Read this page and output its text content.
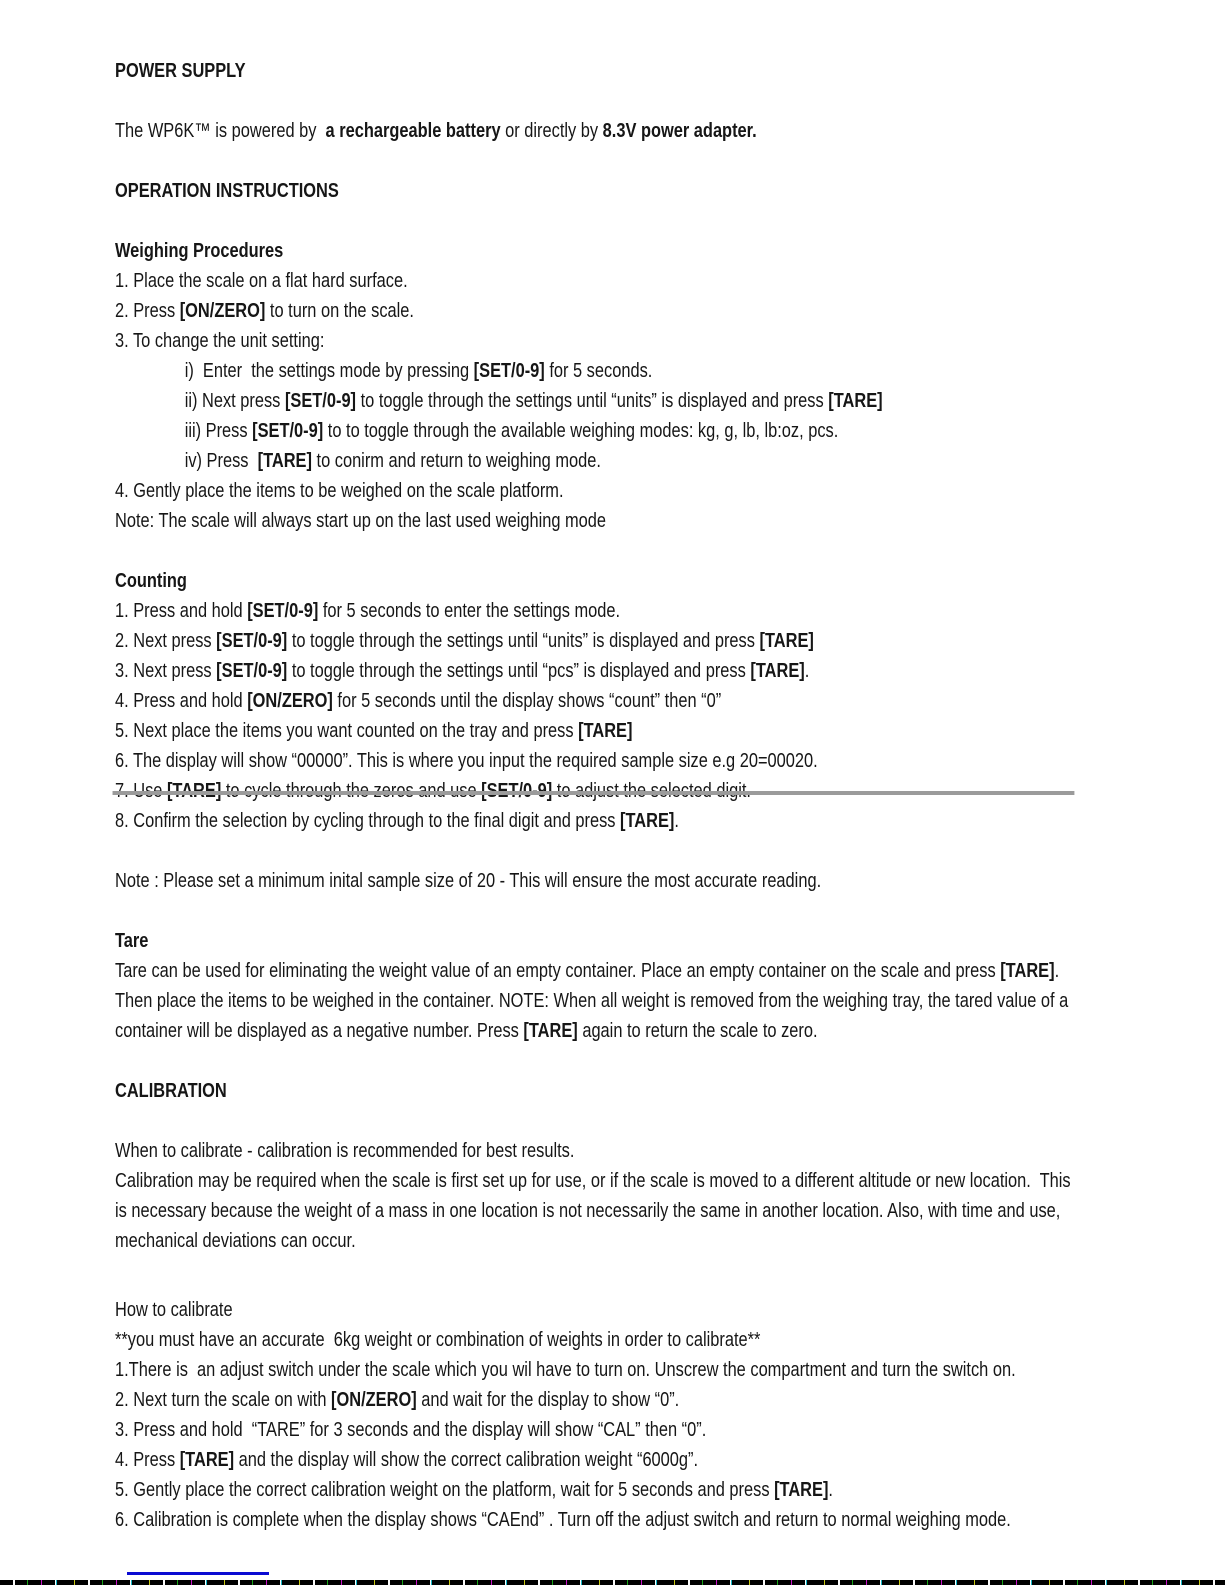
POWER SUPPLY
The WP6K™ is powered by  a rechargeable battery or directly by 8.3V power adapter.
OPERATION INSTRUCTIONS
Weighing Procedures
1. Place the scale on a flat hard surface.
2. Press [ON/ZERO] to turn on the scale.
3. To change the unit setting:
i)  Enter  the settings mode by pressing [SET/0-9] for 5 seconds.
ii) Next press [SET/0-9] to toggle through the settings until “units” is displayed and press [TARE]
iii) Press [SET/0-9] to to toggle through the available weighing modes: kg, g, lb, lb:oz, pcs.
iv) Press  [TARE] to conirm and return to weighing mode.
4. Gently place the items to be weighed on the scale platform.
Note: The scale will always start up on the last used weighing mode
Counting
1. Press and hold [SET/0-9] for 5 seconds to enter the settings mode.
2. Next press [SET/0-9] to toggle through the settings until “units” is displayed and press [TARE]
3. Next press [SET/0-9] to toggle through the settings until “pcs” is displayed and press [TARE].
4. Press and hold [ON/ZERO] for 5 seconds until the display shows “count” then “0”
5. Next place the items you want counted on the tray and press [TARE]
6. The display will show “00000”. This is where you input the required sample size e.g 20=00020.
8. Confirm the selection by cycling through to the final digit and press [TARE].
Note : Please set a minimum inital sample size of 20 - This will ensure the most accurate reading.
Tare
Tare can be used for eliminating the weight value of an empty container. Place an empty container on the scale and press [TARE].
Then place the items to be weighed in the container. NOTE: When all weight is removed from the weighing tray, the tared value of a
container will be displayed as a negative number. Press [TARE] again to return the scale to zero.
CALIBRATION
When to calibrate - calibration is recommended for best results.
Calibration may be required when the scale is first set up for use, or if the scale is moved to a different altitude or new location.  This
is necessary because the weight of a mass in one location is not necessarily the same in another location. Also, with time and use,
mechanical deviations can occur.
How to calibrate
**you must have an accurate  6kg weight or combination of weights in order to calibrate**
1.There is  an adjust switch under the scale which you wil have to turn on. Unscrew the compartment and turn the switch on.
2. Next turn the scale on with [ON/ZERO] and wait for the display to show “0”.
3. Press and hold  “TARE” for 3 seconds and the display will show “CAL” then “0”.
4. Press [TARE] and the display will show the correct calibration weight “6000g”.
5. Gently place the correct calibration weight on the platform, wait for 5 seconds and press [TARE].
6. Calibration is complete when the display shows “CAEnd” . Turn off the adjust switch and return to normal weighing mode.
